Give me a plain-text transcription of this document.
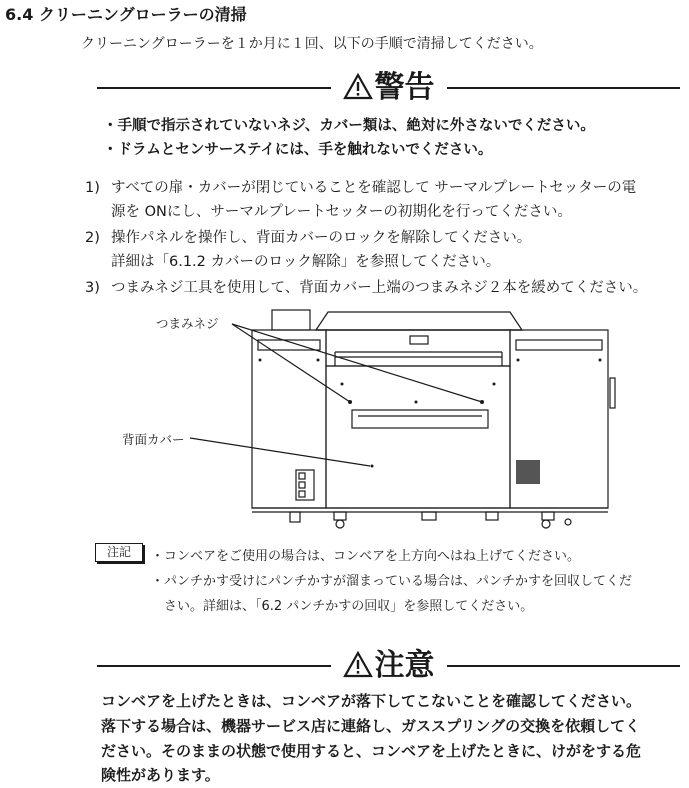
6.4 クリーニングローラーの清掃
クリーニングローラーを１か月に１回、以下の手順で清掃してください。
警告
・手順で指示されていないネジ、カバー類は、絶対に外さないでください。
・ドラムとセンサーステイには、手を触れないでください。
1) すべての扉・カバーが閉じていることを確認して サーマルプレートセッターの電
源を ONにし、サーマルプレートセッターの初期化を行ってください。
2) 操作パネルを操作し、背面カバーのロックを解除してください。
詳細は「6.1.2 カバーのロック解除」を参照してください。
3) つまみネジ工具を使用して、背面カバー上端のつまみネジ２本を緩めてください。
つまみネジ
背面カバー
注記	・コンベアをご使用の場合は、コンベアを上方向へはね上げてください。
・パンチかす受けにパンチかすが溜まっている場合は、パンチかすを回収してくだ
さい。詳細は、「6.2 パンチかすの回収」を参照してください。
注意
コンベアを上げたときは、コンベアが落下してこないことを確認してください。
落下する場合は、機器サービス店に連絡し、ガススプリングの交換を依頼してく
ださい。そのままの状態で使用すると、コンベアを上げたときに、けがをする危
険性があります。
